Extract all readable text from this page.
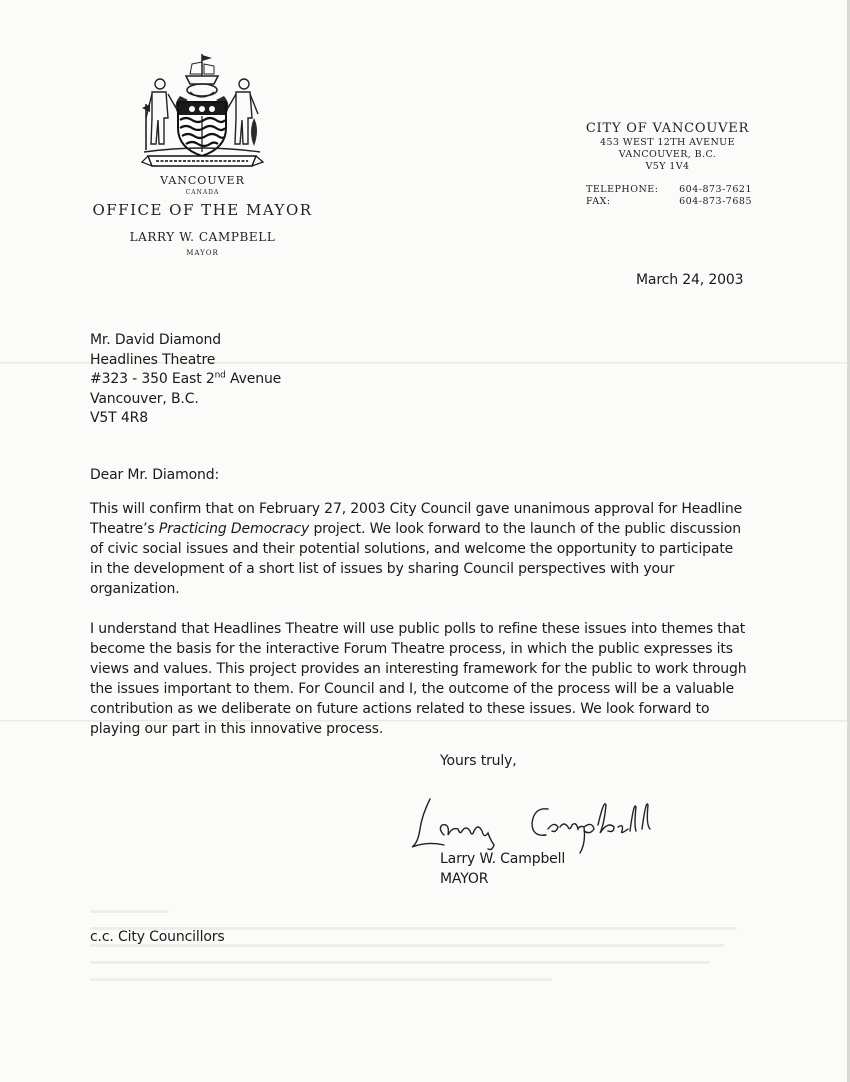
VANCOUVER
CANADA
OFFICE OF THE MAYOR
LARRY W. CAMPBELL
MAYOR
CITY OF VANCOUVER
453 WEST 12TH AVENUE
VANCOUVER, B.C.
V5Y 1V4
TELEPHONE: 604-873-7621
FAX:	604-873-7685
March 24, 2003
Mr. David Diamond
Headlines Theatre
#323 - 350 East 2nd Avenue
Vancouver, B.C.
V5T 4R8
Dear Mr. Diamond:
This will confirm that on February 27, 2003 City Council gave unanimous approval for Headline
Theatre’s Practicing Democracy project. We look forward to the launch of the public discussion
of civic social issues and their potential solutions, and welcome the opportunity to participate
in the development of a short list of issues by sharing Council perspectives with your
organization.
I understand that Headlines Theatre will use public polls to refine these issues into themes that
become the basis for the interactive Forum Theatre process, in which the public expresses its
views and values. This project provides an interesting framework for the public to work through
the issues important to them. For Council and I, the outcome of the process will be a valuable
contribution as we deliberate on future actions related to these issues. We look forward to
playing our part in this innovative process.
Yours truly,
Larry W. Campbell
MAYOR
c.c. City Councillors
